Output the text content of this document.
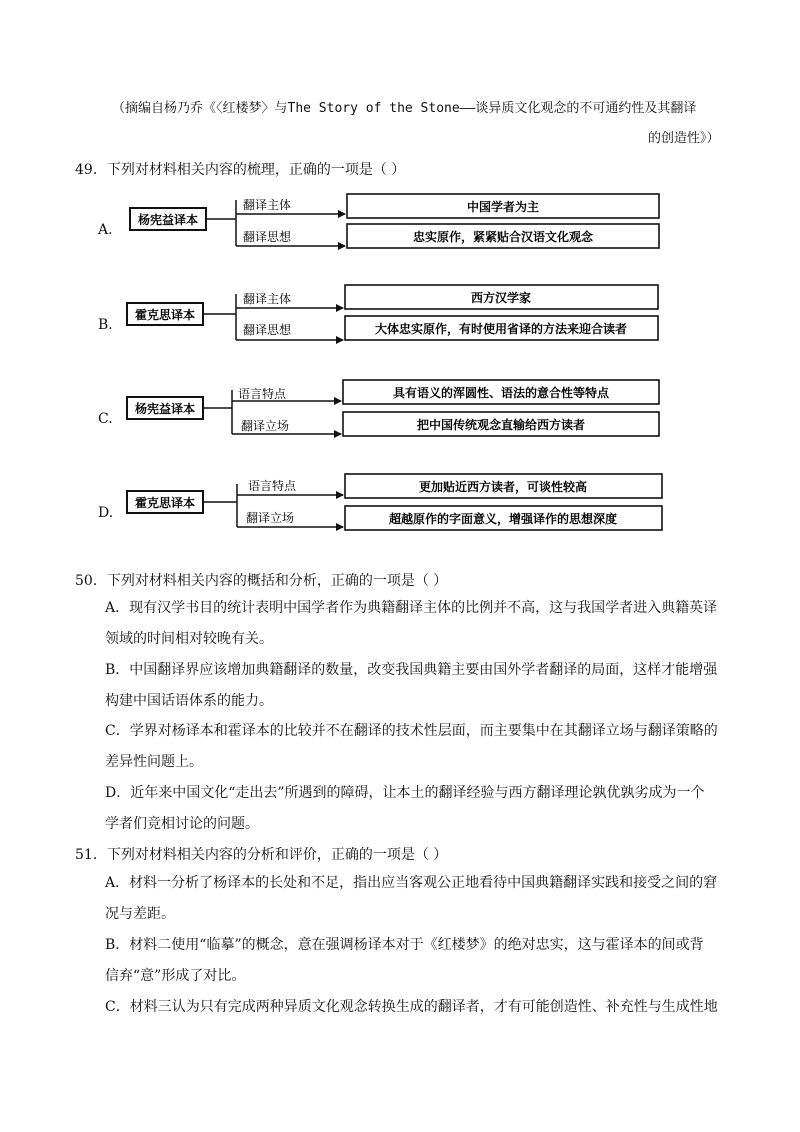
（摘编自杨乃乔《〈红楼梦〉与The Story of the Stone——谈异质文化观念的不可通约性及其翻译
的创造性》）
49．下列对材料相关内容的梳理，正确的一项是（ ）
A.
B.
C.
D.
杨宪益译本
翻译主体
翻译思想
中国学者为主
忠实原作，紧紧贴合汉语文化观念
霍克思译本
翻译主体
翻译思想
西方汉学家
大体忠实原作，有时使用省译的方法来迎合读者
杨宪益译本
语言特点
翻译立场
具有语义的浑圆性、语法的意合性等特点
把中国传统观念直输给西方读者
霍克思译本
语言特点
翻译立场
更加贴近西方读者，可谈性较高
超越原作的字面意义，增强译作的思想深度
50．下列对材料相关内容的概括和分析，正确的一项是（ ）
A．现有汉学书目的统计表明中国学者作为典籍翻译主体的比例并不高，这与我国学者进入典籍英译
领域的时间相对较晚有关。
B．中国翻译界应该增加典籍翻译的数量，改变我国典籍主要由国外学者翻译的局面，这样才能增强
构建中国话语体系的能力。
C．学界对杨译本和霍译本的比较并不在翻译的技术性层面，而主要集中在其翻译立场与翻译策略的
差异性问题上。
D．近年来中国文化“走出去”所遇到的障碍，让本土的翻译经验与西方翻译理论孰优孰劣成为一个
学者们竞相讨论的问题。
51．下列对材料相关内容的分析和评价，正确的一项是（ ）
A．材料一分析了杨译本的长处和不足，指出应当客观公正地看待中国典籍翻译实践和接受之间的窘
况与差距。
B．材料二使用“临摹”的概念，意在强调杨译本对于《红楼梦》的绝对忠实，这与霍译本的间或背
信弃“意”形成了对比。
C．材料三认为只有完成两种异质文化观念转换生成的翻译者，才有可能创造性、补充性与生成性地
